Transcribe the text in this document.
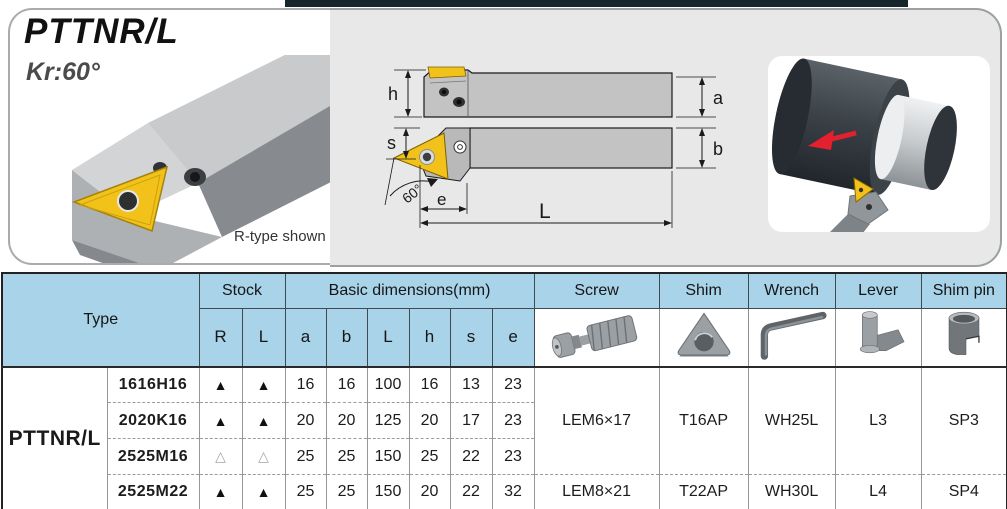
PTTNR/L
Kr:60°
R-type shown
h	a
s	b
60° e
L
Type		Stock		Basic dimensions(mm)						Screw	Shim	Wrench	Lever	Shim pin
		R	L	a	b	L	h	s	e					
PTTNR/L	1616H16	▲	▲	16	16	100	16	13	23	LEM6×17	T16AP	WH25L	L3	SP3
	2020K16	▲	▲	20	20	125	20	17	23					
	2525M16	△	△	25	25	150	25	22	23					
	2525M22	▲	▲	25	25	150	20	22	32	LEM8×21	T22AP	WH30L	L4	SP4
